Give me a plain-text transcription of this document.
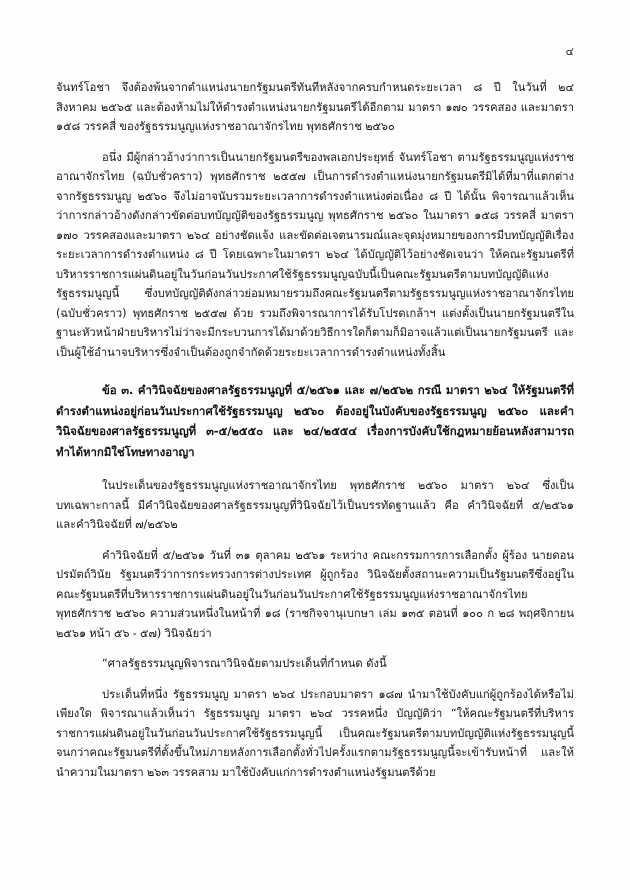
๔

จันทร์โอชา จึงต้องพ้นจากตำแหน่งนายกรัฐมนตรีทันทีหลังจากครบกำหนดระยะเวลา ๘ ปี ในวันที่ ๒๔ สิงหาคม ๒๕๖๕ และต้องห้ามไม่ให้ดำรงตำแหน่งนายกรัฐมนตรีได้อีกตาม มาตรา ๑๗๐ วรรคสอง และมาตรา ๑๕๘ วรรคสี่ ของรัฐธรรมนูญแห่งราชอาณาจักรไทย พุทธศักราช ๒๕๖๐

อนึ่ง มีผู้กล่าวอ้างว่าการเป็นนายกรัฐมนตรีของพลเอกประยุทธ์ จันทร์โอชา ตามรัฐธรรมนูญแห่งราชอาณาจักรไทย (ฉบับชั่วคราว) พุทธศักราช ๒๕๕๗ เป็นการดำรงตำแหน่งนายกรัฐมนตรีมิได้ที่มาที่แตกต่างจากรัฐธรรมนูญ ๒๕๖๐ จึงไม่อาจนับรวมระยะเวลาการดำรงตำแหน่งต่อเนื่อง ๘ ปี ได้นั้น พิจารณาแล้วเห็นว่าการกล่าวอ้างดังกล่าวขัดต่อบทบัญญัติของรัฐธรรมนูญ พุทธศักราช ๒๕๖๐ ในมาตรา ๑๕๘ วรรคสี่ มาตรา ๑๗๐ วรรคสองและมาตรา ๒๖๔ อย่างชัดแจ้ง และขัดต่อเจตนารมณ์และจุดมุ่งหมายของการมีบทบัญญัติเรื่องระยะเวลาการดำรงตำแหน่ง ๘ ปี โดยเฉพาะในมาตรา ๒๖๔ ได้บัญญัติไว้อย่างชัดเจนว่า ให้คณะรัฐมนตรีที่บริหารราชการแผ่นดินอยู่ในวันก่อนวันประกาศใช้รัฐธรรมนูญฉบับนี้เป็นคณะรัฐมนตรีตามบทบัญญัติแห่งรัฐธรรมนูญนี้ ซึ่งบทบัญญัติดังกล่าวย่อมหมายรวมถึงคณะรัฐมนตรีตามรัฐธรรมนูญแห่งราชอาณาจักรไทย (ฉบับชั่วคราว) พุทธศักราช ๒๕๕๗ ด้วย รวมถึงพิจารณาการได้รับโปรดเกล้าฯ แต่งตั้งเป็นนายกรัฐมนตรีในฐานะหัวหน้าฝ่ายบริหารไม่ว่าจะมีกระบวนการได้มาด้วยวิธีการใดก็ตามก็มิอาจแล้วแต่เป็นนายกรัฐมนตรี และเป็นผู้ใช้อำนาจบริหารซึ่งจำเป็นต้องถูกจำกัดด้วยระยะเวลาการดำรงตำแหน่งทั้งสิ้น

ข้อ ๓. คำวินิจฉัยของศาลรัฐธรรมนูญที่ ๕/๒๕๖๑ และ ๗/๒๕๖๒ กรณี มาตรา ๒๖๔ ให้รัฐมนตรีที่ดำรงตำแหน่งอยู่ก่อนวันประกาศใช้รัฐธรรมนูญ ๒๕๖๐ ต้องอยู่ในบังคับของรัฐธรรมนูญ ๒๕๖๐ และคำวินิจฉัยของศาลรัฐธรรมนูญที่ ๓-๕/๒๕๕๐ และ ๒๔/๒๕๕๔ เรื่องการบังคับใช้กฎหมายย้อนหลังสามารถทำได้หากมิใช่โทษทางอาญา

ในประเด็นของรัฐธรรมนูญแห่งราชอาณาจักรไทย พุทธศักราช ๒๕๖๐ มาตรา ๒๖๔ ซึ่งเป็นบทเฉพาะกาลนี้ มีคำวินิจฉัยของศาลรัฐธรรมนูญที่วินิจฉัยไว้เป็นบรรทัดฐานแล้ว คือ คำวินิจฉัยที่ ๕/๒๕๖๑ และคำวินิจฉัยที่ ๗/๒๕๖๒

คำวินิจฉัยที่ ๕/๒๕๖๑ วันที่ ๓๑ ตุลาคม ๒๕๖๑ ระหว่าง คณะกรรมการการเลือกตั้ง ผู้ร้อง นายดอน ปรมัตถ์วินัย รัฐมนตรีว่าการกระทรวงการต่างประเทศ ผู้ถูกร้อง วินิจฉัยตั้งสถานะความเป็นรัฐมนตรีซึ่งอยู่ในคณะรัฐมนตรีที่บริหารราชการแผ่นดินอยู่ในวันก่อนวันประกาศใช้รัฐธรรมนูญแห่งราชอาณาจักรไทย พุทธศักราช ๒๕๖๐ ความส่วนหนึ่งในหน้าที่ ๑๘ (ราชกิจจานุเบกษา เล่ม ๑๓๕ ตอนที่ ๑๐๐ ก ๒๘ พฤศจิกายน ๒๕๖๑ หน้า ๕๖ - ๕๗) วินิจฉัยว่า

“ศาลรัฐธรรมนูญพิจารณาวินิจฉัยตามประเด็นที่กำหนด ดังนี้

ประเด็นที่หนึ่ง รัฐธรรมนูญ มาตรา ๒๖๔ ประกอบมาตรา ๑๘๗ นำมาใช้บังคับแก่ผู้ถูกร้องได้หรือไม่ เพียงใด พิจารณาแล้วเห็นว่า รัฐธรรมนูญ มาตรา ๒๖๔ วรรคหนึ่ง บัญญัติว่า “ให้คณะรัฐมนตรีที่บริหารราชการแผ่นดินอยู่ในวันก่อนวันประกาศใช้รัฐธรรมนูญนี้ เป็นคณะรัฐมนตรีตามบทบัญญัติแห่งรัฐธรรมนูญนี้ จนกว่าคณะรัฐมนตรีที่ตั้งขึ้นใหม่ภายหลังการเลือกตั้งทั่วไปครั้งแรกตามรัฐธรรมนูญนี้จะเข้ารับหน้าที่ และให้นำความในมาตรา ๒๖๓ วรรคสาม มาใช้บังคับแก่การดำรงตำแหน่งรัฐมนตรีด้วย
